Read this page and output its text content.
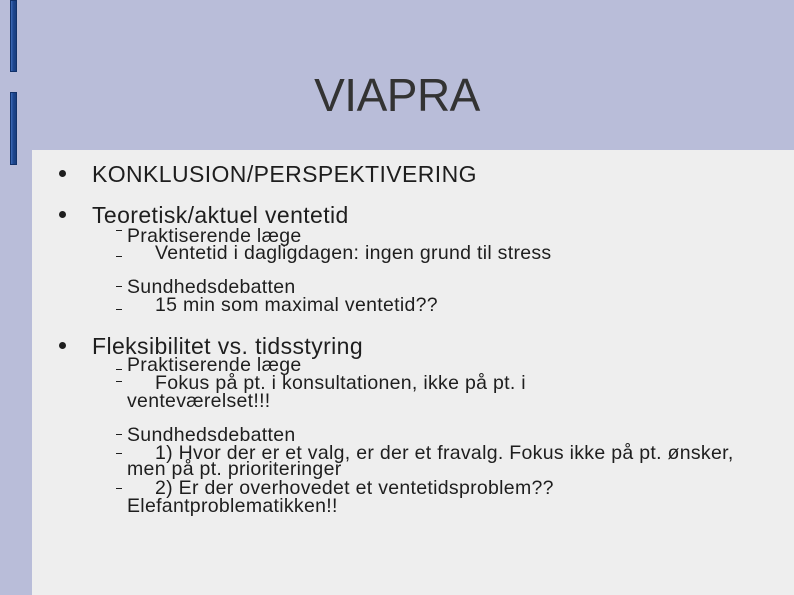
VIAPRA
KONKLUSION/PERSPEKTIVERING
Teoretisk/aktuel ventetid
Praktiserende læge
Ventetid i dagligdagen: ingen grund til stress
Sundhedsdebatten
15 min som maximal ventetid??
Fleksibilitet vs. tidsstyring
Praktiserende læge
Fokus på pt. i konsultationen, ikke på pt. i
venteværelset!!!
Sundhedsdebatten
1) Hvor der er et valg, er der et fravalg. Fokus ikke på pt. ønsker,
men på pt. prioriteringer
2) Er der overhovedet et ventetidsproblem??
Elefantproblematikken!!
